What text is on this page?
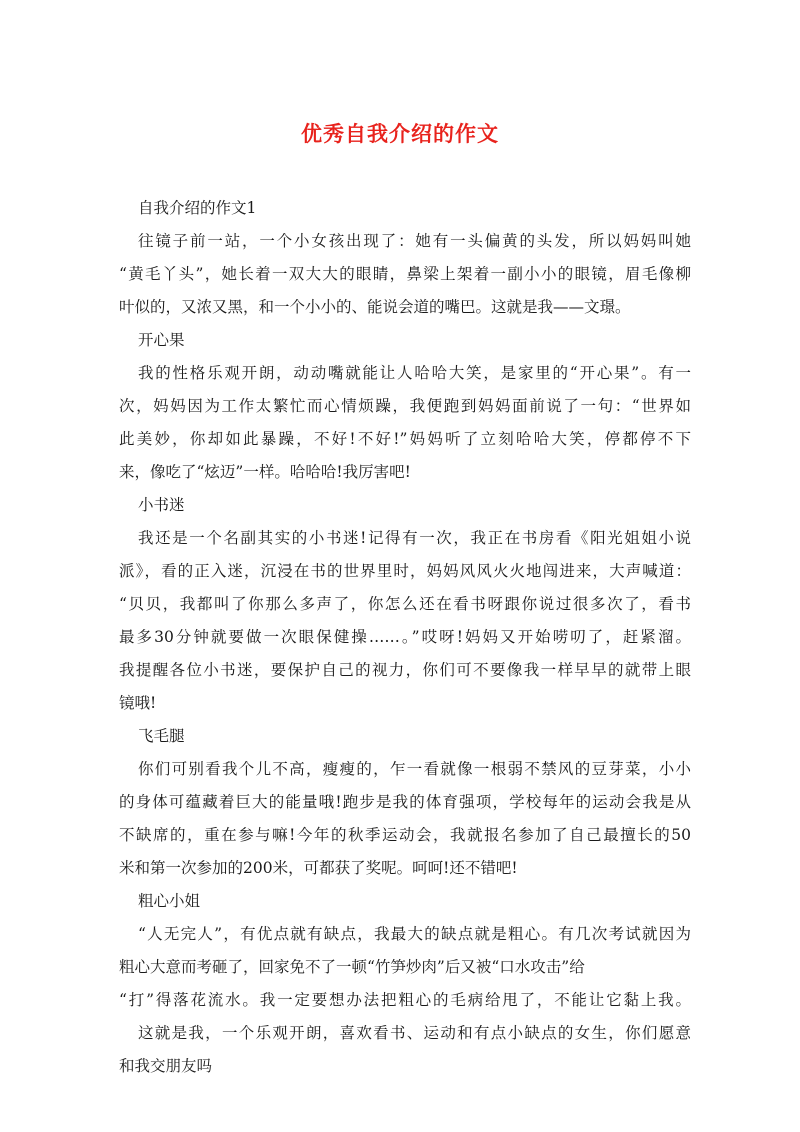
优秀自我介绍的作文
自我介绍的作文1
往镜子前一站，一个小女孩出现了：她有一头偏黄的头发，所以妈妈叫她
“黄毛丫头”，她长着一双大大的眼睛，鼻梁上架着一副小小的眼镜，眉毛像柳
叶似的，又浓又黑，和一个小小的、能说会道的嘴巴。这就是我——文璟。
开心果
我的性格乐观开朗，动动嘴就能让人哈哈大笑，是家里的“开心果”。有一
次，妈妈因为工作太繁忙而心情烦躁，我便跑到妈妈面前说了一句：“世界如
此美妙，你却如此暴躁，不好!不好!”妈妈听了立刻哈哈大笑，停都停不下
来，像吃了“炫迈”一样。哈哈哈!我厉害吧!
小书迷
我还是一个名副其实的小书迷!记得有一次，我正在书房看《阳光姐姐小说
派》，看的正入迷，沉浸在书的世界里时，妈妈风风火火地闯进来，大声喊道：
“贝贝，我都叫了你那么多声了，你怎么还在看书呀跟你说过很多次了，看书
最多30分钟就要做一次眼保健操……。”哎呀!妈妈又开始唠叨了，赶紧溜。
我提醒各位小书迷，要保护自己的视力，你们可不要像我一样早早的就带上眼
镜哦!
飞毛腿
你们可别看我个儿不高，瘦瘦的，乍一看就像一根弱不禁风的豆芽菜，小小
的身体可蕴藏着巨大的能量哦!跑步是我的体育强项，学校每年的运动会我是从
不缺席的，重在参与嘛!今年的秋季运动会，我就报名参加了自己最擅长的50
米和第一次参加的200米，可都获了奖呢。呵呵!还不错吧!
粗心小姐
“人无完人”，有优点就有缺点，我最大的缺点就是粗心。有几次考试就因为
粗心大意而考砸了，回家免不了一顿“竹笋炒肉”后又被“口水攻击”给
“打”得落花流水。我一定要想办法把粗心的毛病给甩了，不能让它黏上我。
这就是我，一个乐观开朗，喜欢看书、运动和有点小缺点的女生，你们愿意
和我交朋友吗
